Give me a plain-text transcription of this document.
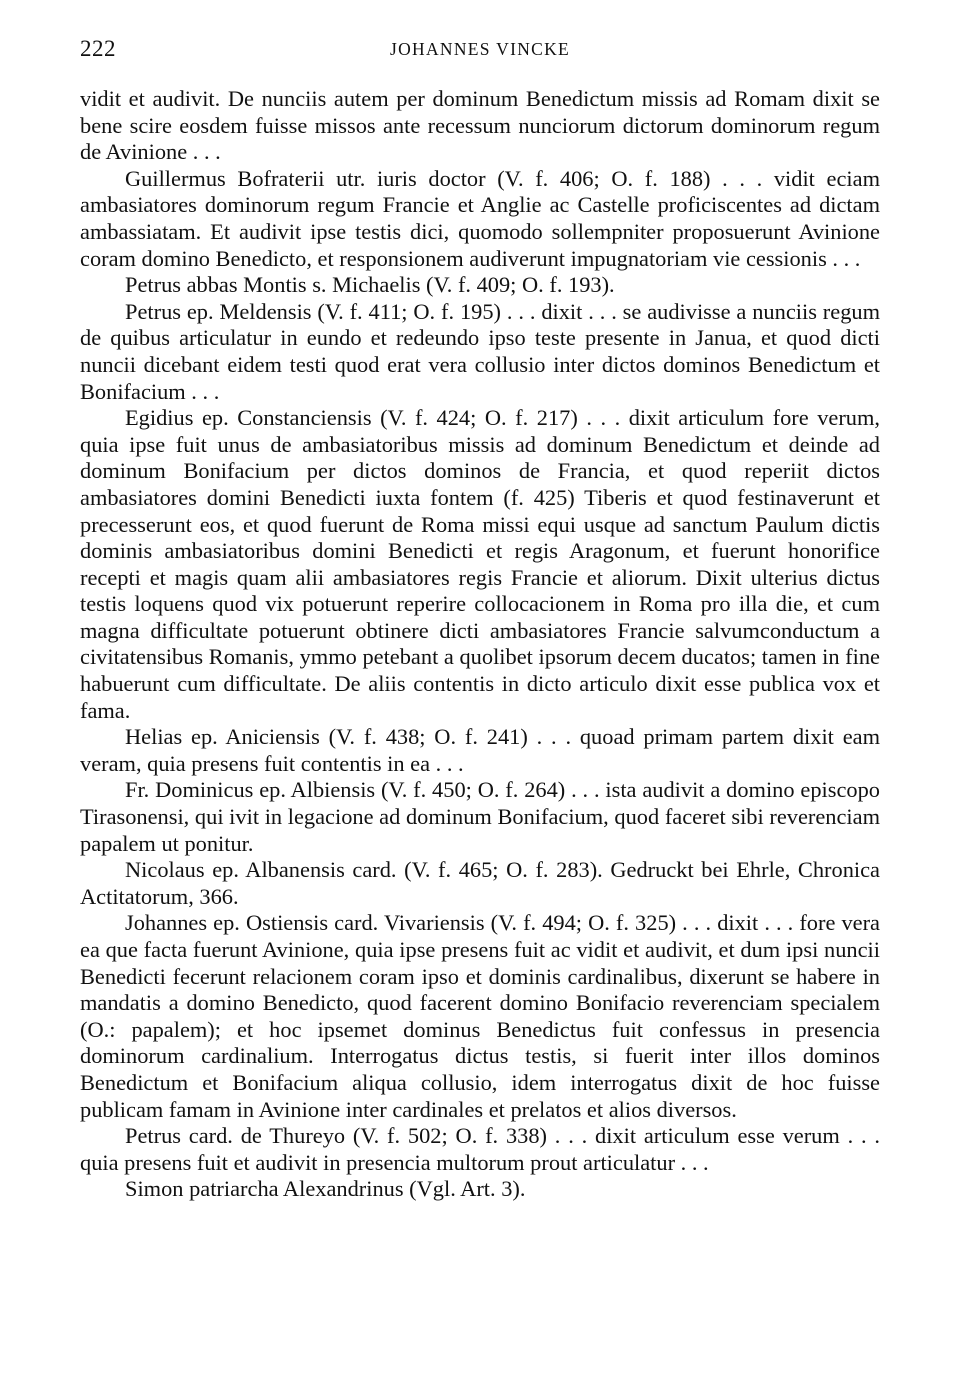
222	JOHANNES VINCKE

vidit et audivit. De nunciis autem per dominum Benedictum missis ad Romam dixit se bene scire eosdem fuisse missos ante recessum nunciorum dictorum dominorum regum de Avinione . . .

Guillermus Bofraterii utr. iuris doctor (V. f. 406; O. f. 188) . . . vidit eciam ambasiatores dominorum regum Francie et Anglie ac Castelle proficiscentes ad dictam ambassiatam. Et audivit ipse testis dici, quomodo sollempniter proposuerunt Avinione coram domino Benedicto, et responsionem audiverunt impugnatoriam vie cessionis . . .

Petrus abbas Montis s. Michaelis (V. f. 409; O. f. 193).

Petrus ep. Meldensis (V. f. 411; O. f. 195) . . . dixit . . . se audivisse a nunciis regum de quibus articulatur in eundo et redeundo ipso teste presente in Janua, et quod dicti nuncii dicebant eidem testi quod erat vera collusio inter dictos dominos Benedictum et Bonifacium . . .

Egidius ep. Constanciensis (V. f. 424; O. f. 217) . . . dixit articulum fore verum, quia ipse fuit unus de ambasiatoribus missis ad dominum Benedictum et deinde ad dominum Bonifacium per dictos dominos de Francia, et quod reperiit dictos ambasiatores domini Benedicti iuxta fontem (f. 425) Tiberis et quod festinaverunt et precesserunt eos, et quod fuerunt de Roma missi equi usque ad sanctum Paulum dictis dominis ambasiatoribus domini Benedicti et regis Aragonum, et fuerunt honorifice recepti et magis quam alii ambasiatores regis Francie et aliorum. Dixit ulterius dictus testis loquens quod vix potuerunt reperire collocacionem in Roma pro illa die, et cum magna difficultate potuerunt obtinere dicti ambasiatores Francie salvumconductum a civitatensibus Romanis, ymmo petebant a quolibet ipsorum decem ducatos; tamen in fine habuerunt cum difficultate. De aliis contentis in dicto articulo dixit esse publica vox et fama.

Helias ep. Aniciensis (V. f. 438; O. f. 241) . . . quoad primam partem dixit eam veram, quia presens fuit contentis in ea . . .

Fr. Dominicus ep. Albiensis (V. f. 450; O. f. 264) . . . ista audivit a domino episcopo Tirasonensi, qui ivit in legacione ad dominum Bonifacium, quod faceret sibi reverenciam papalem ut ponitur.

Nicolaus ep. Albanensis card. (V. f. 465; O. f. 283). Gedruckt bei Ehrle, Chronica Actitatorum, 366.

Johannes ep. Ostiensis card. Vivariensis (V. f. 494; O. f. 325) . . . dixit . . . fore vera ea que facta fuerunt Avinione, quia ipse presens fuit ac vidit et audivit, et dum ipsi nuncii Benedicti fecerunt relacionem coram ipso et dominis cardinalibus, dixerunt se habere in mandatis a domino Benedicto, quod facerent domino Bonifacio reverenciam specialem (O.: papalem); et hoc ipsemet dominus Benedictus fuit confessus in presencia dominorum cardinalium. Interrogatus dictus testis, si fuerit inter illos dominos Benedictum et Bonifacium aliqua collusio, idem interrogatus dixit de hoc fuisse publicam famam in Avinione inter cardinales et prelatos et alios diversos.

Petrus card. de Thureyo (V. f. 502; O. f. 338) . . . dixit articulum esse verum . . . quia presens fuit et audivit in presencia multorum prout articulatur . . .

Simon patriarcha Alexandrinus (Vgl. Art. 3).
